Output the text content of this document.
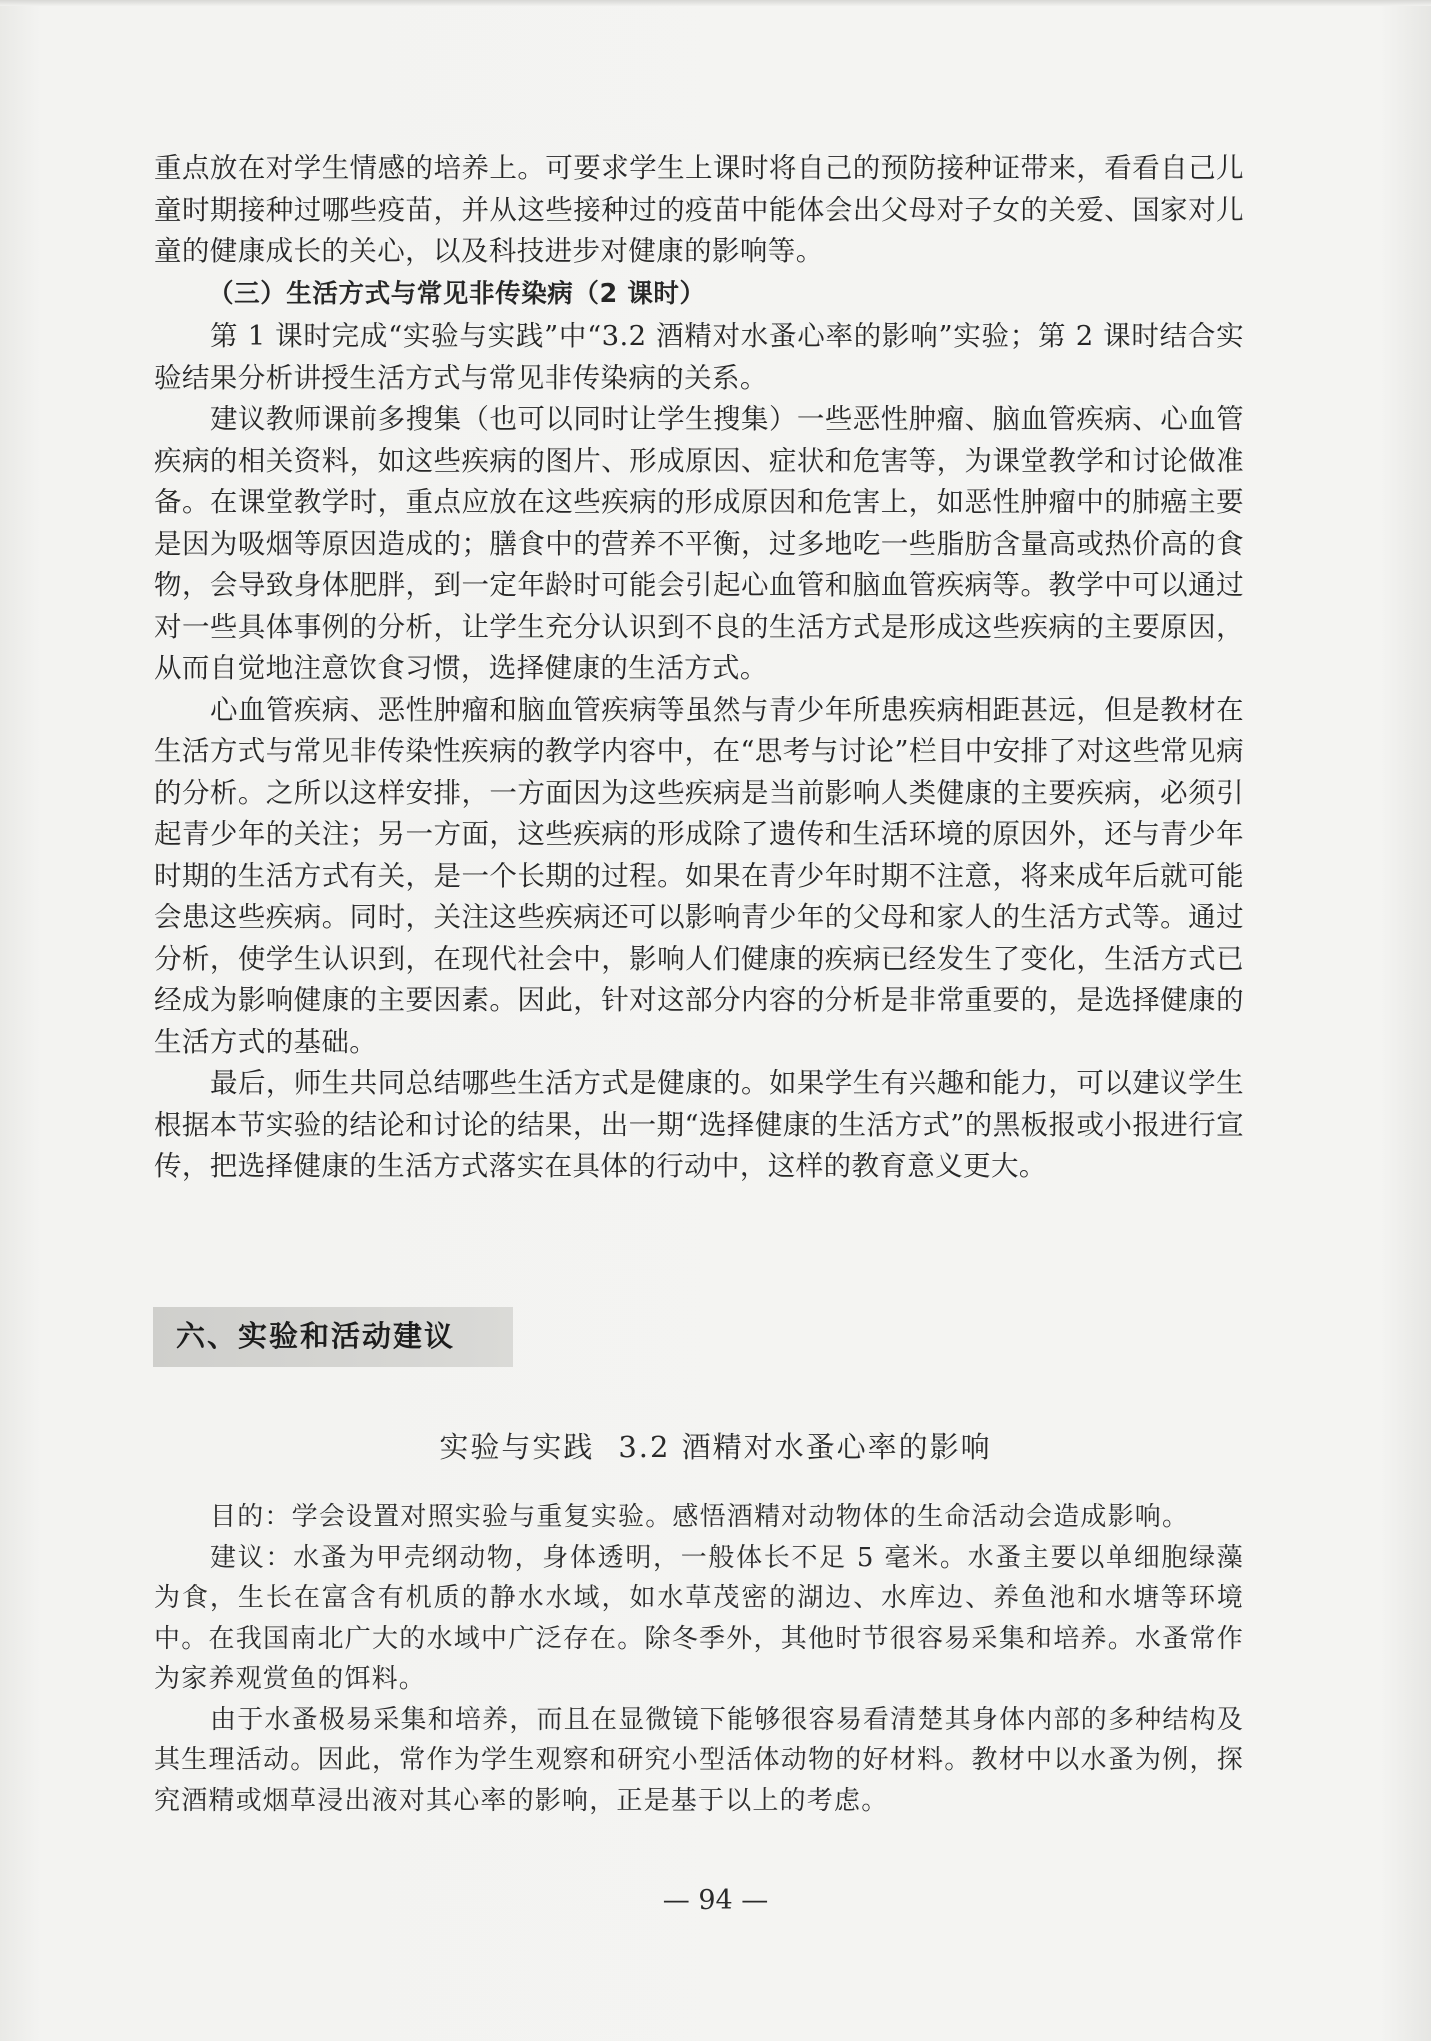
重点放在对学生情感的培养上。可要求学生上课时将自己的预防接种证带来，看看自己儿童时期接种过哪些疫苗，并从这些接种过的疫苗中能体会出父母对子女的关爱、国家对儿童的健康成长的关心，以及科技进步对健康的影响等。

（三）生活方式与常见非传染病（2 课时）

第 1 课时完成“实验与实践”中“3.2 酒精对水蚤心率的影响”实验；第 2 课时结合实验结果分析讲授生活方式与常见非传染病的关系。

建议教师课前多搜集（也可以同时让学生搜集）一些恶性肿瘤、脑血管疾病、心血管疾病的相关资料，如这些疾病的图片、形成原因、症状和危害等，为课堂教学和讨论做准备。在课堂教学时，重点应放在这些疾病的形成原因和危害上，如恶性肿瘤中的肺癌主要是因为吸烟等原因造成的；膳食中的营养不平衡，过多地吃一些脂肪含量高或热价高的食物，会导致身体肥胖，到一定年龄时可能会引起心血管和脑血管疾病等。教学中可以通过对一些具体事例的分析，让学生充分认识到不良的生活方式是形成这些疾病的主要原因，从而自觉地注意饮食习惯，选择健康的生活方式。

心血管疾病、恶性肿瘤和脑血管疾病等虽然与青少年所患疾病相距甚远，但是教材在生活方式与常见非传染性疾病的教学内容中，在“思考与讨论”栏目中安排了对这些常见病的分析。之所以这样安排，一方面因为这些疾病是当前影响人类健康的主要疾病，必须引起青少年的关注；另一方面，这些疾病的形成除了遗传和生活环境的原因外，还与青少年时期的生活方式有关，是一个长期的过程。如果在青少年时期不注意，将来成年后就可能会患这些疾病。同时，关注这些疾病还可以影响青少年的父母和家人的生活方式等。通过分析，使学生认识到，在现代社会中，影响人们健康的疾病已经发生了变化，生活方式已经成为影响健康的主要因素。因此，针对这部分内容的分析是非常重要的，是选择健康的生活方式的基础。

最后，师生共同总结哪些生活方式是健康的。如果学生有兴趣和能力，可以建议学生根据本节实验的结论和讨论的结果，出一期“选择健康的生活方式”的黑板报或小报进行宣传，把选择健康的生活方式落实在具体的行动中，这样的教育意义更大。

六、实验和活动建议
实验与实践 3.2 酒精对水蚤心率的影响

目的：学会设置对照实验与重复实验。感悟酒精对动物体的生命活动会造成影响。

建议：水蚤为甲壳纲动物，身体透明，一般体长不足 5 毫米。水蚤主要以单细胞绿藻为食，生长在富含有机质的静水水域，如水草茂密的湖边、水库边、养鱼池和水塘等环境中。在我国南北广大的水域中广泛存在。除冬季外，其他时节很容易采集和培养。水蚤常作为家养观赏鱼的饵料。

由于水蚤极易采集和培养，而且在显微镜下能够很容易看清楚其身体内部的多种结构及其生理活动。因此，常作为学生观察和研究小型活体动物的好材料。教材中以水蚤为例，探究酒精或烟草浸出液对其心率的影响，正是基于以上的考虑。

— 94 —
